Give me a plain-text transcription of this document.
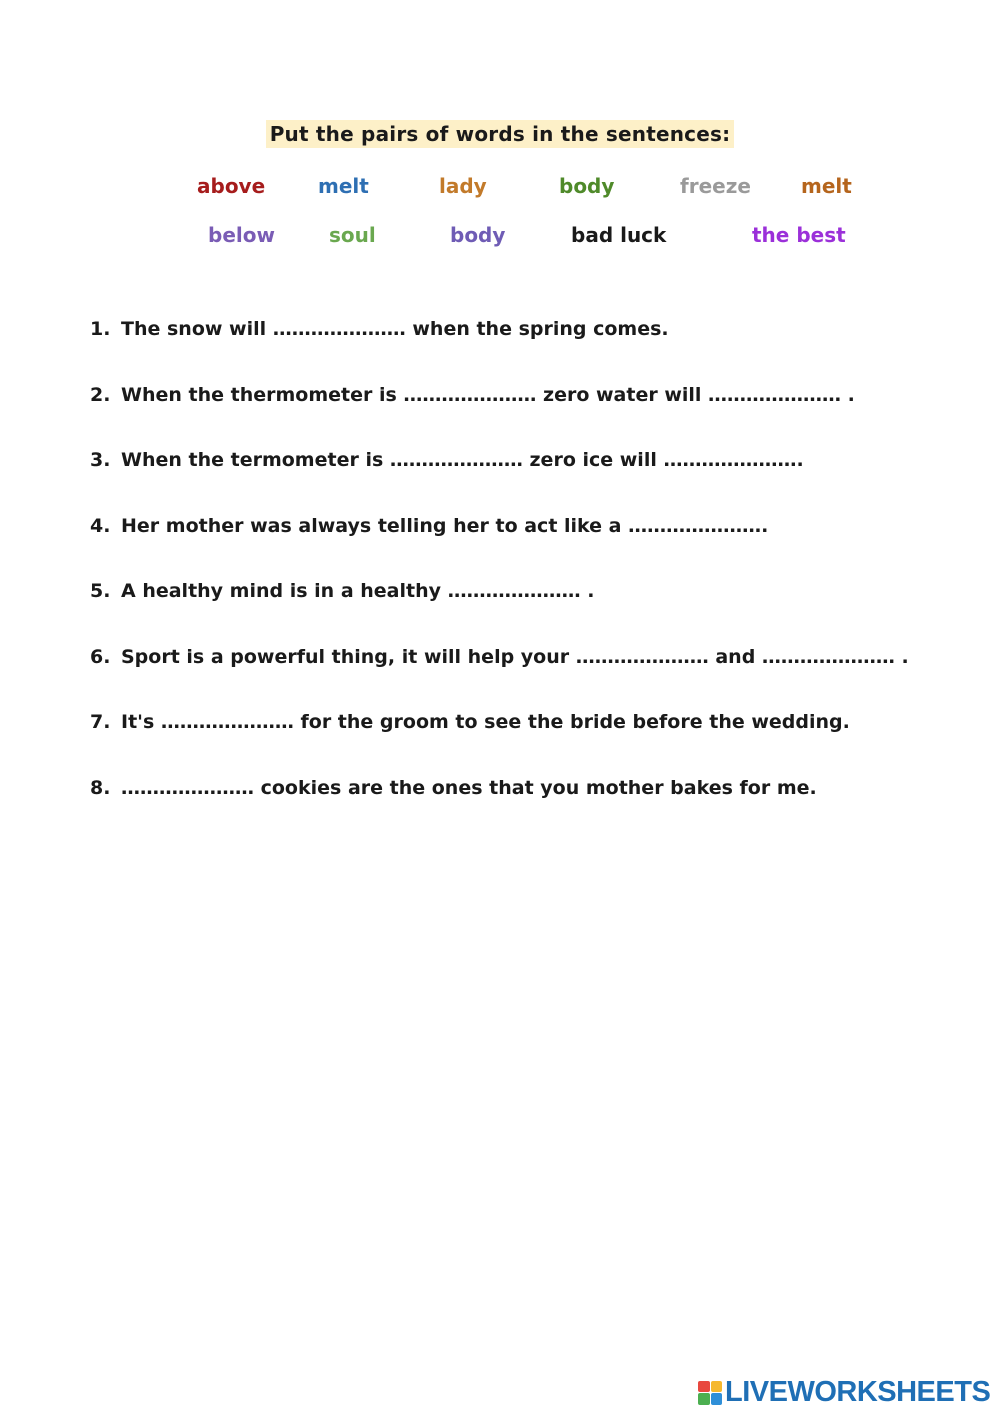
Put the pairs of words in the sentences:
above	melt	lady	body	freeze	melt
below	soul	body	bad luck	the best
1. The snow will ………………… when the spring comes.
2. When the thermometer is ………………… zero water will ………………… .
3. When the termometer is ………………… zero ice will ………………….
4. Her mother was always telling her to act like a ………………….
5. A healthy mind is in a healthy ………………… .
6. Sport is a powerful thing, it will help your ………………… and ………………… .
7. It's ………………… for the groom to see the bride before the wedding.
8. ………………… cookies are the ones that you mother bakes for me.
LIVEWORKSHEETS
